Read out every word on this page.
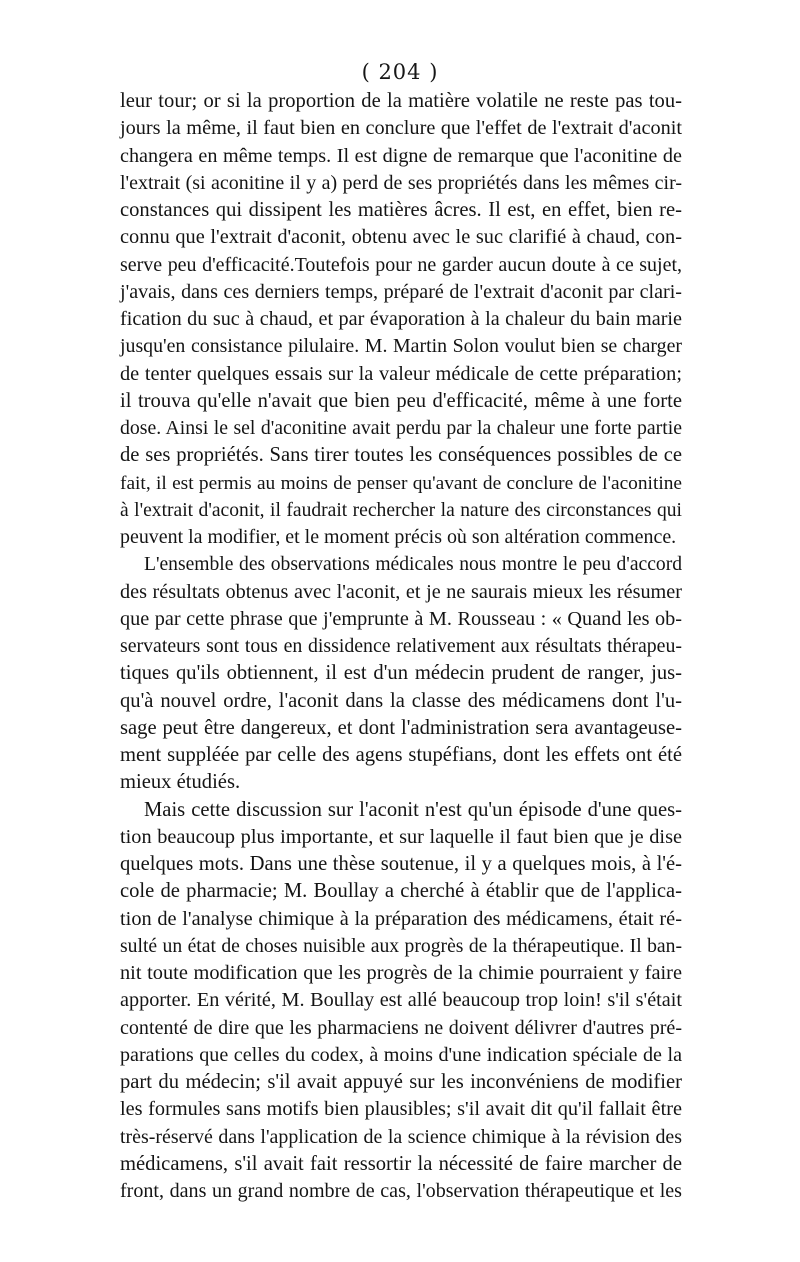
( 204 )
leur tour; or si la proportion de la matière volatile ne reste pas tou-
jours la même, il faut bien en conclure que l'effet de l'extrait d'aconit
changera en même temps. Il est digne de remarque que l'aconitine de
l'extrait (si aconitine il y a) perd de ses propriétés dans les mêmes cir-
constances qui dissipent les matières âcres. Il est, en effet, bien re-
connu que l'extrait d'aconit, obtenu avec le suc clarifié à chaud, con-
serve peu d'efficacité.Toutefois pour ne garder aucun doute à ce sujet,
j'avais, dans ces derniers temps, préparé de l'extrait d'aconit par clari-
fication du suc à chaud, et par évaporation à la chaleur du bain marie
jusqu'en consistance pilulaire. M. Martin Solon voulut bien se charger
de tenter quelques essais sur la valeur médicale de cette préparation;
il trouva qu'elle n'avait que bien peu d'efficacité, même à une forte
dose. Ainsi le sel d'aconitine avait perdu par la chaleur une forte partie
de ses propriétés. Sans tirer toutes les conséquences possibles de ce
fait, il est permis au moins de penser qu'avant de conclure de l'aconitine
à l'extrait d'aconit, il faudrait rechercher la nature des circonstances qui
peuvent la modifier, et le moment précis où son altération commence.
L'ensemble des observations médicales nous montre le peu d'accord
des résultats obtenus avec l'aconit, et je ne saurais mieux les résumer
que par cette phrase que j'emprunte à M. Rousseau : « Quand les ob-
servateurs sont tous en dissidence relativement aux résultats thérapeu-
tiques qu'ils obtiennent, il est d'un médecin prudent de ranger, jus-
qu'à nouvel ordre, l'aconit dans la classe des médicamens dont l'u-
sage peut être dangereux, et dont l'administration sera avantageuse-
ment suppléée par celle des agens stupéfians, dont les effets ont été
mieux étudiés.
Mais cette discussion sur l'aconit n'est qu'un épisode d'une ques-
tion beaucoup plus importante, et sur laquelle il faut bien que je dise
quelques mots. Dans une thèse soutenue, il y a quelques mois, à l'é-
cole de pharmacie; M. Boullay a cherché à établir que de l'applica-
tion de l'analyse chimique à la préparation des médicamens, était ré-
sulté un état de choses nuisible aux progrès de la thérapeutique. Il ban-
nit toute modification que les progrès de la chimie pourraient y faire
apporter. En vérité, M. Boullay est allé beaucoup trop loin! s'il s'était
contenté de dire que les pharmaciens ne doivent délivrer d'autres pré-
parations que celles du codex, à moins d'une indication spéciale de la
part du médecin; s'il avait appuyé sur les inconvéniens de modifier
les formules sans motifs bien plausibles; s'il avait dit qu'il fallait être
très-réservé dans l'application de la science chimique à la révision des
médicamens, s'il avait fait ressortir la nécessité de faire marcher de
front, dans un grand nombre de cas, l'observation thérapeutique et les
